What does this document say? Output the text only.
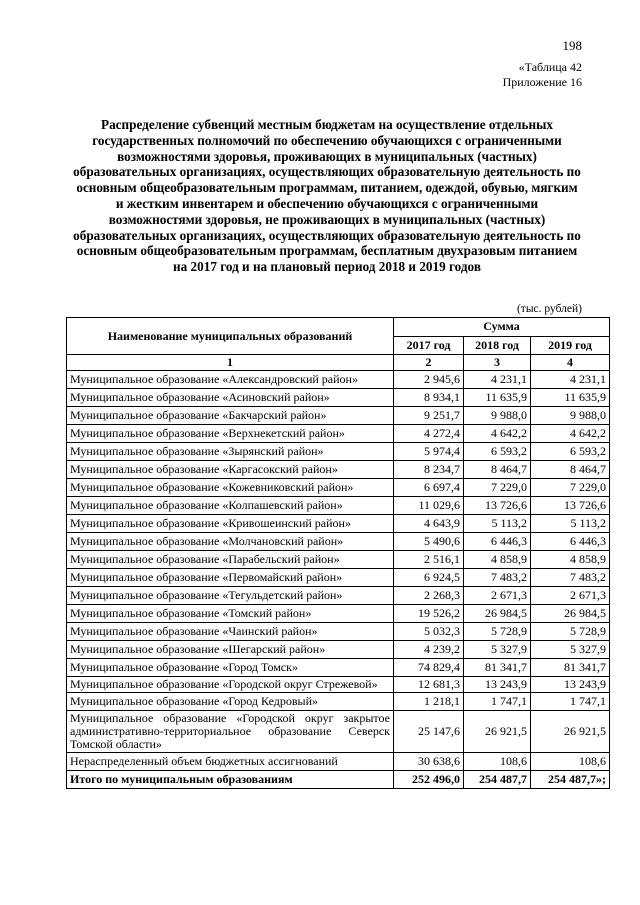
198
«Таблица 42
Приложение 16
Распределение субвенций местным бюджетам на осуществление отдельных государственных полномочий по обеспечению обучающихся с ограниченными возможностями здоровья, проживающих в муниципальных (частных) образовательных организациях, осуществляющих образовательную деятельность по основным общеобразовательным программам, питанием, одеждой, обувью, мягким и жестким инвентарем и обеспечению обучающихся с ограниченными возможностями здоровья, не проживающих в муниципальных (частных) образовательных организациях, осуществляющих образовательную деятельность по основным общеобразовательным программам, бесплатным двухразовым питанием на 2017 год и на плановый период 2018 и 2019 годов
(тыс. рублей)
Наименование муниципальных образований	Сумма		
	2017 год	2018 год	2019 год
1	2	3	4
Муниципальное образование «Александровский район»	2 945,6	4 231,1	4 231,1
Муниципальное образование «Асиновский район»	8 934,1	11 635,9	11 635,9
Муниципальное образование «Бакчарский район»	9 251,7	9 988,0	9 988,0
Муниципальное образование «Верхнекетский район»	4 272,4	4 642,2	4 642,2
Муниципальное образование «Зырянский район»	5 974,4	6 593,2	6 593,2
Муниципальное образование «Каргасокский район»	8 234,7	8 464,7	8 464,7
Муниципальное образование «Кожевниковский район»	6 697,4	7 229,0	7 229,0
Муниципальное образование «Колпашевский район»	11 029,6	13 726,6	13 726,6
Муниципальное образование «Кривошеинский район»	4 643,9	5 113,2	5 113,2
Муниципальное образование «Молчановский район»	5 490,6	6 446,3	6 446,3
Муниципальное образование «Парабельский район»	2 516,1	4 858,9	4 858,9
Муниципальное образование «Первомайский район»	6 924,5	7 483,2	7 483,2
Муниципальное образование «Тегульдетский район»	2 268,3	2 671,3	2 671,3
Муниципальное образование «Томский район»	19 526,2	26 984,5	26 984,5
Муниципальное образование «Чаинский район»	5 032,3	5 728,9	5 728,9
Муниципальное образование «Шегарский район»	4 239,2	5 327,9	5 327,9
Муниципальное образование «Город Томск»	74 829,4	81 341,7	81 341,7
Муниципальное образование «Городской округ Стрежевой»	12 681,3	13 243,9	13 243,9
Муниципальное образование «Город Кедровый»	1 218,1	1 747,1	1 747,1
Муниципальное образование «Городской округ закрытое административно-территориальное образование Северск Томской области»	25 147,6	26 921,5	26 921,5
Нераспределенный объем бюджетных ассигнований	30 638,6	108,6	108,6
Итого по муниципальным образованиям	252 496,0	254 487,7	254 487,7»;
